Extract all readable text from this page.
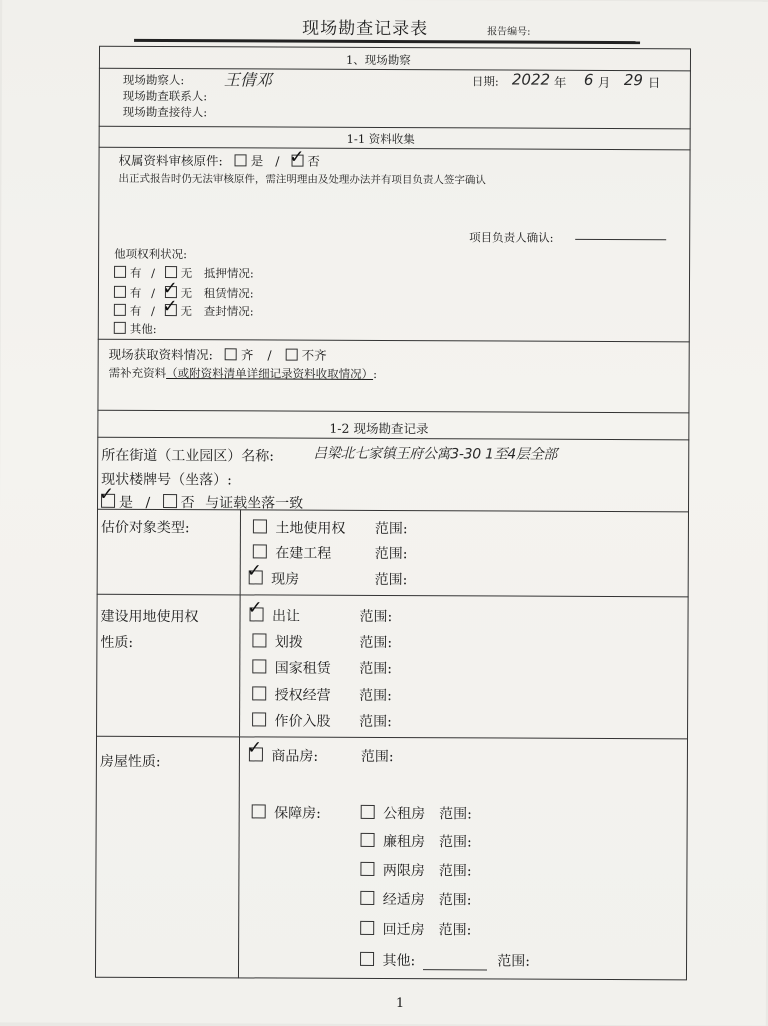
现场勘查记录表	报告编号:
1、现场勘察
现场勘察人: 王倩邓
现场勘查联系人:
现场勘查接待人:
日期: 2022 年 6 月 29 日
1-1 资料收集
权属资料审核原件: 是 / ✓ 否
出正式报告时仍无法审核原件，需注明理由及处理办法并有项目负责人签字确认
项目负责人确认:
他项权利状况:
有 / 无 抵押情况:
有 / ✓ 无 租赁情况:
有 / ✓ 无 查封情况:
其他:
现场获取资料情况: 齐 / 不齐
需补充资料（或附资料清单详细记录资料收取情况）:
1-2 现场勘查记录
所在街道（工业园区）名称:	吕梁北七家镇王府公寓3-30 1至4层全部
现状楼牌号（坐落）:
✓ 是 / 否 与证载坐落一致
估价对象类型:	土地使用权 范围:
在建工程	范围:
✓ 现房	范围:
建设用地使用权
性质:
✓ 出让	范围:
划拨	范围:
国家租赁 范围:
授权经营 范围:
作价入股 范围:
房屋性质:
✓ 商品房:	范围:
保障房:	公租房 范围:
廉租房 范围:
两限房 范围:
经适房 范围:
回迁房 范围:
其他:	范围:
1
